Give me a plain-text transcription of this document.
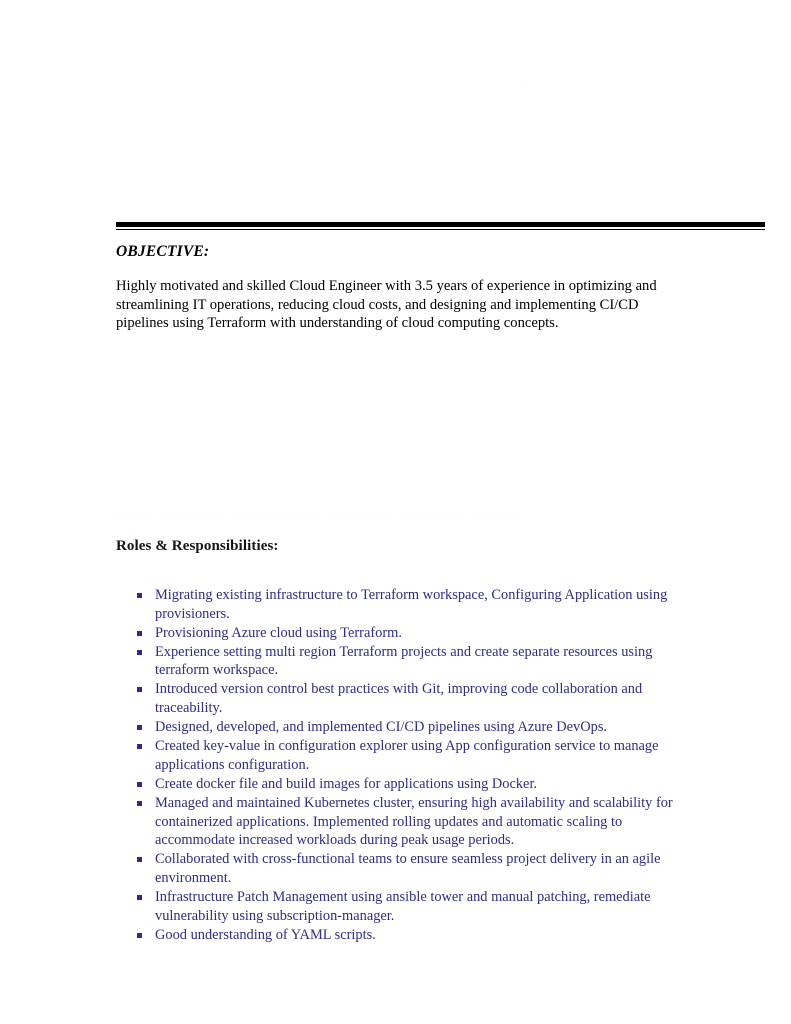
S.No
Employer: contact@email.com | Phone: +00 0000000000 | Location: City, State | LinkedIn: linkedin.com/in/profile
Page 1 of 1
OBJECTIVE:
Highly motivated and skilled Cloud Engineer with 3.5 years of experience in optimizing and streamlining IT operations, reducing cloud costs, and designing and implementing CI/CD pipelines using Terraform with understanding of cloud computing concepts.
Roles & Responsibilities:
Migrating existing infrastructure to Terraform workspace, Configuring Application using provisioners.
Provisioning Azure cloud using Terraform.
Experience setting multi region Terraform projects and create separate resources using terraform workspace.
Introduced version control best practices with Git, improving code collaboration and traceability.
Designed, developed, and implemented CI/CD pipelines using Azure DevOps.
Created key-value in configuration explorer using App configuration service to manage applications configuration.
Create docker file and build images for applications using Docker.
Managed and maintained Kubernetes cluster, ensuring high availability and scalability for containerized applications. Implemented rolling updates and automatic scaling to accommodate increased workloads during peak usage periods.
Collaborated with cross-functional teams to ensure seamless project delivery in an agile environment.
Infrastructure Patch Management using ansible tower and manual patching, remediate vulnerability using subscription-manager.
Good understanding of YAML scripts.
